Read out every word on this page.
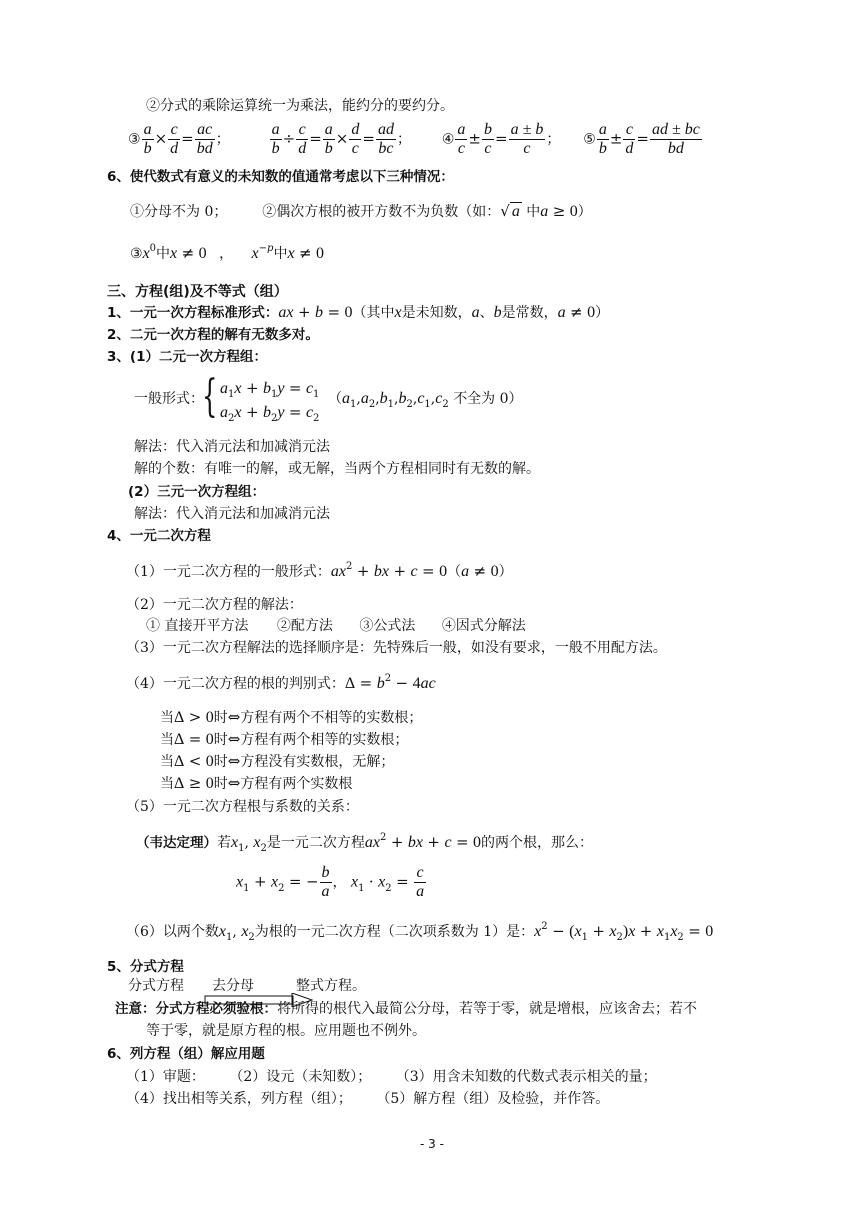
②分式的乘除运算统一为乘法，能约分的要约分。
③ $\frac{a}{b} \times \frac{c}{d} = \frac{ac}{bd}$ ； $\frac{a}{b} \div \frac{c}{d} = \frac{a}{b} \times \frac{d}{c} = \frac{ad}{bc}$ ； ④ $\frac{a}{c} \pm \frac{b}{c} = \frac{a \pm b}{c}$ ； ⑤ $\frac{a}{b} \pm \frac{c}{d} = \frac{ad \pm bc}{bd}$
6、使代数式有意义的未知数的值通常考虑以下三种情况：
①分母不为 0； ②偶次方根的被开方数不为负数（如：√ a 中a ≥ 0）
$③x^0$中x ≠ 0 ， $x^{-p}$中x ≠ 0
三、方程(组)及不等式（组）
1、一元一次方程标准形式：ax + b = 0（其中x是未知数，a、b是常数，a ≠ 0）
2、二元一次方程的解有无数多对。
3、(1）二元一次方程组：
一般形式：
{ $a_1x + b_1y = c_1$
$a_2x + b_2y = c_2$
（$a_1,a_2,b_1,b_2,c_1,c_2$ 不全为 0）
解法：代入消元法和加减消元法
解的个数：有唯一的解，或无解，当两个方程相同时有无数的解。
(2）三元一次方程组：
解法：代入消元法和加减消元法
4、一元二次方程
（1）一元二次方程的一般形式：$ax^2$ + bx + c = 0（a ≠ 0）
（2）一元二次方程的解法：
① 直接开平方法 ②配方法 ③公式法 ④因式分解法
（3）一元二次方程解法的选择顺序是：先特殊后一般，如没有要求，一般不用配方法。
（4）一元二次方程的根的判别式：$\Delta = b^2 - 4ac$
当Δ > 0时⇔方程有两个不相等的实数根；
当Δ = 0时⇔方程有两个相等的实数根；
当Δ < 0时⇔方程没有实数根，无解；
当Δ ≥ 0时⇔方程有两个实数根
（5）一元二次方程根与系数的关系：
（韦达定理）若$x_1$, $x_2$是一元二次方程$ax^2$ + bx + c = 0的两个根，那么：
$x_1 + x_2$ = − $\frac{b}{a}$ ， $x_1 \cdot x_2 = \frac{c}{a}$
（6）以两个数$x_1$, $x_2$为根的一元二次方程（二次项系数为 1）是：$x^2 - (x_1 + x_2)x + x_1x_2 = 0$
5、分式方程
分式方程 去分母	整式方程。
注意：分式方程必须验根：将所得的根代入最简公分母，若等于零，就是增根，应该舍去；若不
等于零，就是原方程的根。应用题也不例外。
6、列方程（组）解应用题
（1）审题： （2）设元（未知数）； （3）用含未知数的代数式表示相关的量；
（4）找出相等关系，列方程（组）； （5）解方程（组）及检验，并作答。
- 3 -
